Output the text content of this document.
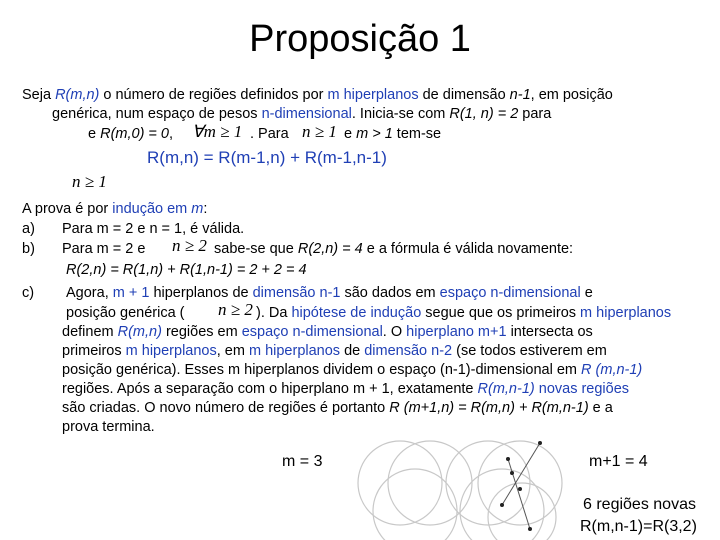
Proposição 1
Seja R(m,n) o número de regiões definidos por m hiperplanos de dimensão n-1, em posição
genérica, num espaço de pesos n-dimensional. Inicia-se com R(1, n) = 2 para
e R(m,0) = 0, ∀m ≥ 1 . Para n ≥ 1 e m > 1 tem-se
R(m,n) = R(m-1,n) + R(m-1,n-1)
n ≥ 1
A prova é por indução em m:
a) Para m = 2 e n = 1, é válida.
b) Para m = 2 e n ≥ 2 sabe-se que R(2,n) = 4 e a fórmula é válida novamente:
R(2,n) = R(1,n) + R(1,n-1) = 2 + 2 = 4
c) Agora, m + 1 hiperplanos de dimensão n-1 são dados em espaço n-dimensional e
posição genérica ( n ≥ 2 ). Da hipótese de indução segue que os primeiros m hiperplanos
definem R(m,n) regiões em espaço n-dimensional. O hiperplano m+1 intersecta os
primeiros m hiperplanos, em m hiperplanos de dimensão n-2 (se todos estiverem em
posição genérica). Esses m hiperplanos dividem o espaço (n-1)-dimensional em R (m,n-1)
regiões. Após a separação com o hiperplano m + 1, exatamente R(m,n-1) novas regiões
são criadas. O novo número de regiões é portanto R (m+1,n) = R(m,n) + R(m,n-1) e a
prova termina.
m = 3	m+1 = 4
6 regiões novas
R(m,n-1)=R(3,2)
